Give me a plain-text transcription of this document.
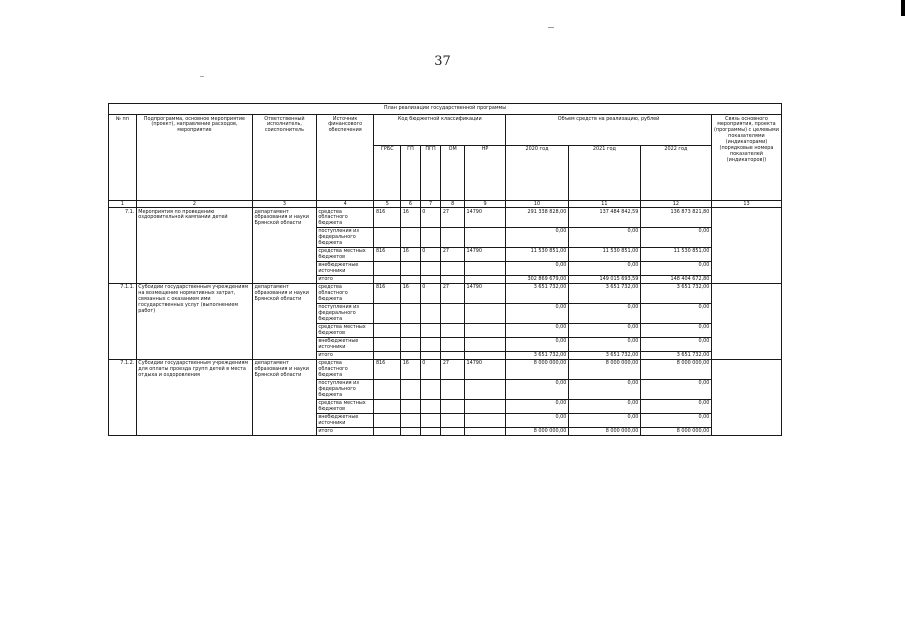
37
План реализации государственной программы												
№ пп	Подпрограмма, основное мероприятие (проект), направление расходов, мероприятие	Ответственный исполнитель, соисполнитель	Источник финансового обеспечения	Код бюджетной классификации					Объем средств на реализацию, рублей			Связь основного мероприятия, проекта (программы) с целевыми показателями (индикаторами) (порядковые номера показателей (индикаторов))
				ГРБС	ГП	ПГП	ОМ	НР	2020 год	2021 год	2022 год	
1	2	3	4	5	6	7	8	9	10	11	12	13
7.1.	Мероприятия по проведению оздоровительной кампании детей	департамент образования и науки Брянской области	средства областного бюджета	816	16	0	27	14790	291 338 828,00	137 484 842,59	136 873 821,80	
			поступления из федерального бюджета						0,00	0,00	0,00	
			средства местных бюджетов	816	16	0	27	14790	11 530 851,00	11 530 851,00	11 530 851,00	
			внебюджетные источники						0,00	0,00	0,00	
			итого						302 869 679,00	149 015 693,59	148 404 672,80	
7.1.1.	Субсидии государственным учреждениям на возмещение нормативных затрат, связанных с оказанием ими государственных услуг (выполнением работ)	департамент образования и науки Брянской области	средства областного бюджета	816	16	0	27	14790	3 651 732,00	3 651 732,00	3 651 732,00	
			поступления из федерального бюджета						0,00	0,00	0,00	
			средства местных бюджетов						0,00	0,00	0,00	
			внебюджетные источники						0,00	0,00	0,00	
			итого						3 651 732,00	3 651 732,00	3 651 732,00	
7.1.2.	Субсидии государственным учреждениям для оплаты проезда групп детей в места отдыха и оздоровления	департамент образования и науки Брянской области	средства областного бюджета	816	16	0	27	14790	8 000 000,00	8 000 000,00	8 000 000,00	
			поступления из федерального бюджета						0,00	0,00	0,00	
			средства местных бюджетов						0,00	0,00	0,00	
			внебюджетные источники						0,00	0,00	0,00	
			итого						8 000 000,00	8 000 000,00	8 000 000,00	
